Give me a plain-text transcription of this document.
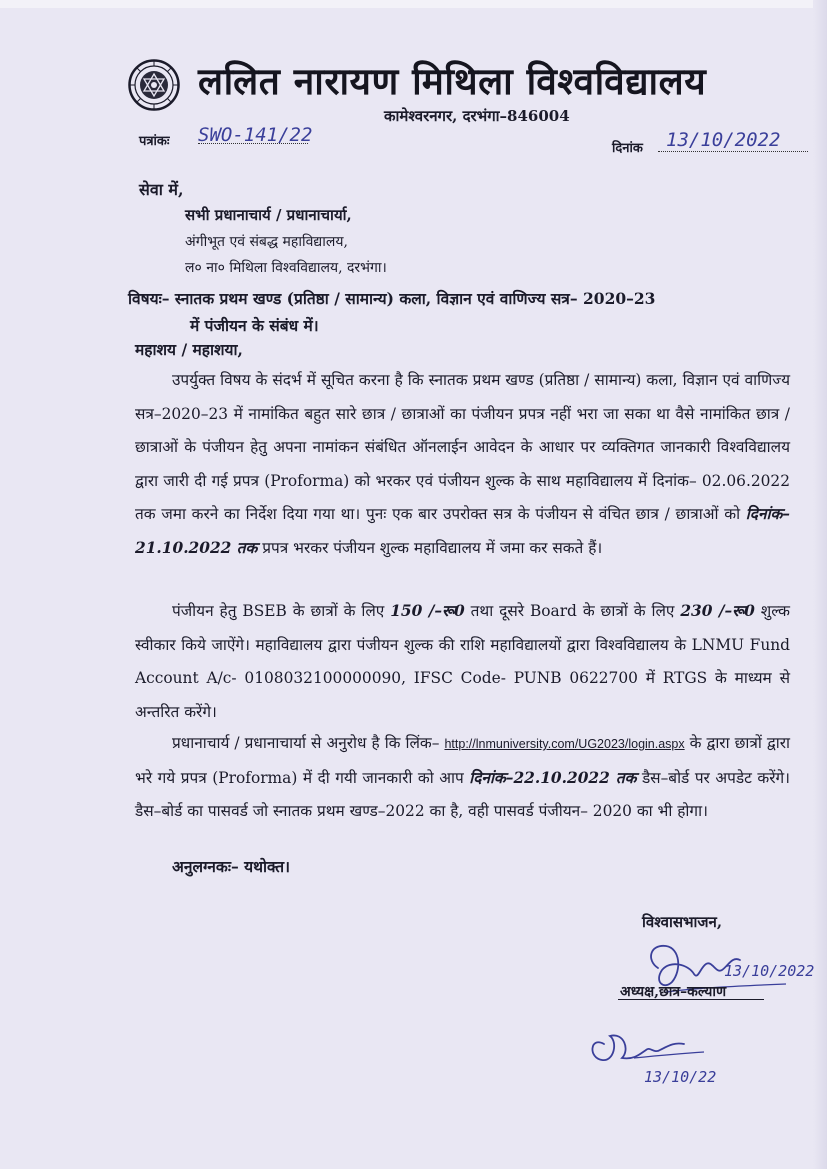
ललित नारायण मिथिला विश्वविद्यालय
कामेश्वरनगर, दरभंगा–846004
पत्रांकः SWO-141/22
दिनांक 13/10/2022
सेवा में,
सभी प्रधानाचार्य / प्रधानाचार्या,
अंगीभूत एवं संबद्ध महाविद्यालय,
ल० ना० मिथिला विश्वविद्यालय, दरभंगा।
विषयः– स्नातक प्रथम खण्ड (प्रतिष्ठा / सामान्य) कला, विज्ञान एवं वाणिज्य सत्र– 2020–23
में पंजीयन के संबंध में।
महाशय / महाशया,
उपर्युक्त विषय के संदर्भ में सूचित करना है कि स्नातक प्रथम खण्ड (प्रतिष्ठा / सामान्य) कला, विज्ञान एवं वाणिज्य सत्र–2020–23 में नामांकित बहुत सारे छात्र / छात्राओं का पंजीयन प्रपत्र नहीं भरा जा सका था वैसे नामांकित छात्र / छात्राओं के पंजीयन हेतु अपना नामांकन संबंधित ऑनलाईन आवेदन के आधार पर व्यक्तिगत जानकारी विश्वविद्यालय द्वारा जारी दी गई प्रपत्र (Proforma) को भरकर एवं पंजीयन शुल्क के साथ महाविद्यालय में दिनांक– 02.06.2022 तक जमा करने का निर्देश दिया गया था। पुनः एक बार उपरोक्त सत्र के पंजीयन से वंचित छात्र / छात्राओं को दिनांक– 21.10.2022 तक प्रपत्र भरकर पंजीयन शुल्क महाविद्यालय में जमा कर सकते हैं।
पंजीयन हेतु BSEB के छात्रों के लिए 150 /–रू0 तथा दूसरे Board के छात्रों के लिए 230 /–रू0 शुल्क स्वीकार किये जाऐंगे। महाविद्यालय द्वारा पंजीयन शुल्क की राशि महाविद्यालयों द्वारा विश्वविद्यालय के LNMU Fund Account A/c- 0108032100000090, IFSC Code- PUNB 0622700 में RTGS के माध्यम से अन्तरित करेंगे।
प्रधानाचार्य / प्रधानाचार्या से अनुरोध है कि लिंक– http://lnmuniversity.com/UG2023/login.aspx के द्वारा छात्रों द्वारा भरे गये प्रपत्र (Proforma) में दी गयी जानकारी को आप दिनांक–22.10.2022 तक डैस–बोर्ड पर अपडेट करेंगे। डैस–बोर्ड का पासवर्ड जो स्नातक प्रथम खण्ड–2022 का है, वही पासवर्ड पंजीयन– 2020 का भी होगा।
अनुलग्नकः– यथोक्त।
विश्वासभाजन,
13/10/2022
अध्यक्ष,छात्र–कल्याण
13/10/22
